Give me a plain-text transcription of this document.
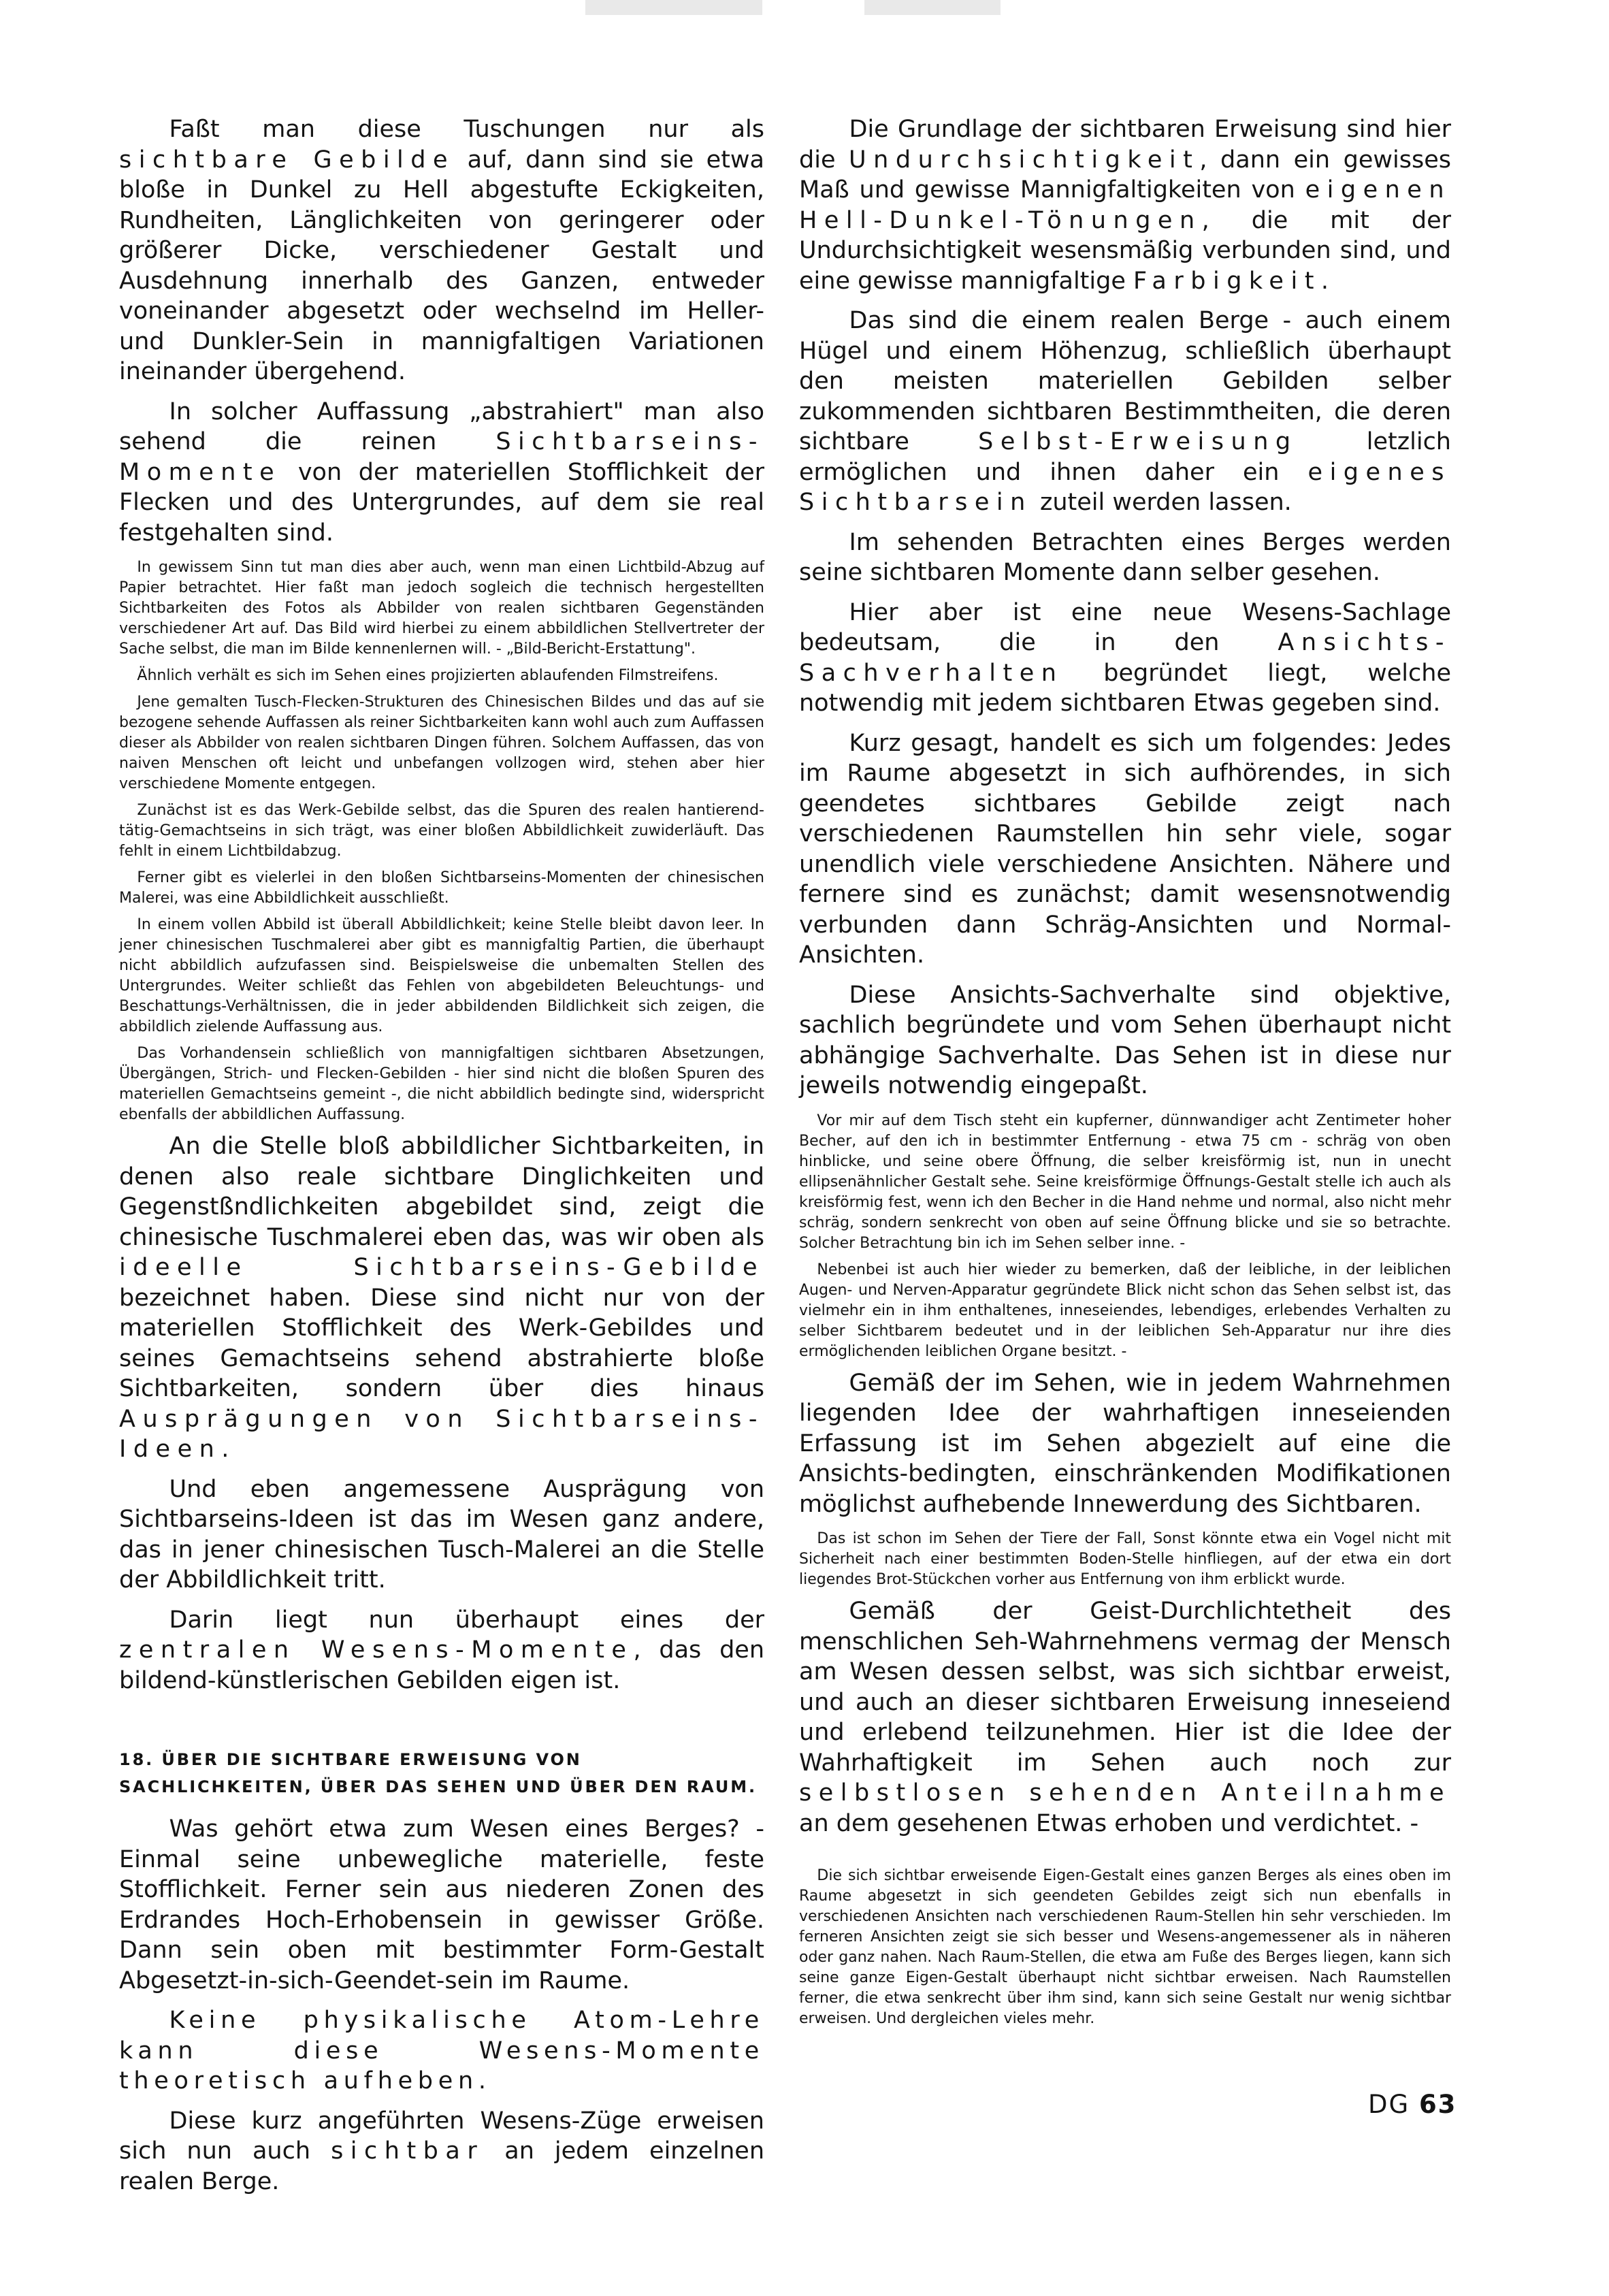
Faßt man diese Tuschungen nur als sichtbare Gebilde auf, dann sind sie etwa bloße in Dunkel zu Hell abgestufte Eckigkeiten, Rundheiten, Länglichkeiten von geringerer oder größerer Dicke, verschiedener Gestalt und Ausdehnung innerhalb des Ganzen, entweder voneinander abgesetzt oder wechselnd im Heller- und Dunkler-Sein in mannigfaltigen Variationen ineinander übergehend.

In solcher Auffassung „abstrahiert" man also sehend die reinen Sichtbarseins-Momente von der materiellen Stofflichkeit der Flecken und des Untergrundes, auf dem sie real festgehalten sind.

In gewissem Sinn tut man dies aber auch, wenn man einen Lichtbild-Abzug auf Papier betrachtet. Hier faßt man jedoch sogleich die technisch hergestellten Sichtbarkeiten des Fotos als Abbilder von realen sichtbaren Gegenständen verschiedener Art auf. Das Bild wird hierbei zu einem abbildlichen Stellvertreter der Sache selbst, die man im Bilde kennenlernen will. - „Bild-Bericht-Erstattung".

Ähnlich verhält es sich im Sehen eines projizierten ablaufenden Filmstreifens.

Jene gemalten Tusch-Flecken-Strukturen des Chinesischen Bildes und das auf sie bezogene sehende Auffassen als reiner Sichtbarkeiten kann wohl auch zum Auffassen dieser als Abbilder von realen sichtbaren Dingen führen. Solchem Auffassen, das von naiven Menschen oft leicht und unbefangen vollzogen wird, stehen aber hier verschiedene Momente entgegen.

Zunächst ist es das Werk-Gebilde selbst, das die Spuren des realen hantierend-tätig-Gemachtseins in sich trägt, was einer bloßen Abbildlichkeit zuwiderläuft. Das fehlt in einem Lichtbildabzug.

Ferner gibt es vielerlei in den bloßen Sichtbarseins-Momenten der chinesischen Malerei, was eine Abbildlichkeit ausschließt.

In einem vollen Abbild ist überall Abbildlichkeit; keine Stelle bleibt davon leer. In jener chinesischen Tuschmalerei aber gibt es mannigfaltig Partien, die überhaupt nicht abbildlich aufzufassen sind. Beispielsweise die unbemalten Stellen des Untergrundes. Weiter schließt das Fehlen von abgebildeten Beleuchtungs- und Beschattungs-Verhältnissen, die in jeder abbildenden Bildlichkeit sich zeigen, die abbildlich zielende Auffassung aus.

Das Vorhandensein schließlich von mannigfaltigen sichtbaren Absetzungen, Übergängen, Strich- und Flecken-Gebilden - hier sind nicht die bloßen Spuren des materiellen Gemachtseins gemeint -, die nicht abbildlich bedingte sind, widerspricht ebenfalls der abbildlichen Auffassung.

An die Stelle bloß abbildlicher Sichtbarkeiten, in denen also reale sichtbare Dinglichkeiten und Gegenstßndlichkeiten abgebildet sind, zeigt die chinesische Tuschmalerei eben das, was wir oben als ideelle Sichtbarseins-Gebilde bezeichnet haben. Diese sind nicht nur von der materiellen Stofflichkeit des Werk-Gebildes und seines Gemachtseins sehend abstrahierte bloße Sichtbarkeiten, sondern über dies hinaus Ausprägungen von Sichtbarseins-Ideen.

Und eben angemessene Ausprägung von Sichtbarseins-Ideen ist das im Wesen ganz andere, das in jener chinesischen Tusch-Malerei an die Stelle der Abbildlichkeit tritt.

Darin liegt nun überhaupt eines der zentralen Wesens-Momente, das den bildend-künstlerischen Gebilden eigen ist.

18. ÜBER DIE SICHTBARE ERWEISUNG VON SACHLICHKEITEN, ÜBER DAS SEHEN UND ÜBER DEN RAUM.

Was gehört etwa zum Wesen eines Berges? - Einmal seine unbewegliche materielle, feste Stofflichkeit. Ferner sein aus niederen Zonen des Erdrandes Hoch-Erhobensein in gewisser Größe. Dann sein oben mit bestimmter Form-Gestalt Abgesetzt-in-sich-Geendet-sein im Raume.

Keine physikalische Atom-Lehre kann diese Wesens-Momente theoretisch aufheben.

Diese kurz angeführten Wesens-Züge erweisen sich nun auch sichtbar an jedem einzelnen realen Berge.

Die Grundlage der sichtbaren Erweisung sind hier die Undurchsichtigkeit, dann ein gewisses Maß und gewisse Mannigfaltigkeiten von eigenen Hell-Dunkel-Tönungen, die mit der Undurchsichtigkeit wesensmäßig verbunden sind, und eine gewisse mannigfaltige Farbigkeit.

Das sind die einem realen Berge - auch einem Hügel und einem Höhenzug, schließlich überhaupt den meisten materiellen Gebilden selber zukommenden sichtbaren Bestimmtheiten, die deren sichtbare Selbst-Erweisung letzlich ermöglichen und ihnen daher ein eigenes Sichtbarsein zuteil werden lassen.

Im sehenden Betrachten eines Berges werden seine sichtbaren Momente dann selber gesehen.

Hier aber ist eine neue Wesens-Sachlage bedeutsam, die in den Ansichts-Sachverhalten begründet liegt, welche notwendig mit jedem sichtbaren Etwas gegeben sind.

Kurz gesagt, handelt es sich um folgendes: Jedes im Raume abgesetzt in sich aufhörendes, in sich geendetes sichtbares Gebilde zeigt nach verschiedenen Raumstellen hin sehr viele, sogar unendlich viele verschiedene Ansichten. Nähere und fernere sind es zunächst; damit wesensnotwendig verbunden dann Schräg-Ansichten und Normal-Ansichten.

Diese Ansichts-Sachverhalte sind objektive, sachlich begründete und vom Sehen überhaupt nicht abhängige Sachverhalte. Das Sehen ist in diese nur jeweils notwendig eingepaßt.

Vor mir auf dem Tisch steht ein kupferner, dünnwandiger acht Zentimeter hoher Becher, auf den ich in bestimmter Entfernung - etwa 75 cm - schräg von oben hinblicke, und seine obere Öffnung, die selber kreisförmig ist, nun in unecht ellipsenähnlicher Gestalt sehe. Seine kreisförmige Öffnungs-Gestalt stelle ich auch als kreisförmig fest, wenn ich den Becher in die Hand nehme und normal, also nicht mehr schräg, sondern senkrecht von oben auf seine Öffnung blicke und sie so betrachte. Solcher Betrachtung bin ich im Sehen selber inne. -

Nebenbei ist auch hier wieder zu bemerken, daß der leibliche, in der leiblichen Augen- und Nerven-Apparatur gegründete Blick nicht schon das Sehen selbst ist, das vielmehr ein in ihm enthaltenes, inneseiendes, lebendiges, erlebendes Verhalten zu selber Sichtbarem bedeutet und in der leiblichen Seh-Apparatur nur ihre dies ermöglichenden leiblichen Organe besitzt. -

Gemäß der im Sehen, wie in jedem Wahrnehmen liegenden Idee der wahrhaftigen inneseienden Erfassung ist im Sehen abgezielt auf eine die Ansichts-bedingten, einschränkenden Modifikationen möglichst aufhebende Innewerdung des Sichtbaren.

Das ist schon im Sehen der Tiere der Fall, Sonst könnte etwa ein Vogel nicht mit Sicherheit nach einer bestimmten Boden-Stelle hinfliegen, auf der etwa ein dort liegendes Brot-Stückchen vorher aus Entfernung von ihm erblickt wurde.

Gemäß der Geist-Durchlichtetheit des menschlichen Seh-Wahrnehmens vermag der Mensch am Wesen dessen selbst, was sich sichtbar erweist, und auch an dieser sichtbaren Erweisung inneseiend und erlebend teilzunehmen. Hier ist die Idee der Wahrhaftigkeit im Sehen auch noch zur selbstlosen sehenden Anteilnahme an dem gesehenen Etwas erhoben und verdichtet. -

Die sich sichtbar erweisende Eigen-Gestalt eines ganzen Berges als eines oben im Raume abgesetzt in sich geendeten Gebildes zeigt sich nun ebenfalls in verschiedenen Ansichten nach verschiedenen Raum-Stellen hin sehr verschieden. Im ferneren Ansichten zeigt sie sich besser und Wesens-angemessener als in näheren oder ganz nahen. Nach Raum-Stellen, die etwa am Fuße des Berges liegen, kann sich seine ganze Eigen-Gestalt überhaupt nicht sichtbar erweisen. Nach Raumstellen ferner, die etwa senkrecht über ihm sind, kann sich seine Gestalt nur wenig sichtbar erweisen. Und dergleichen vieles mehr.

DG 63
